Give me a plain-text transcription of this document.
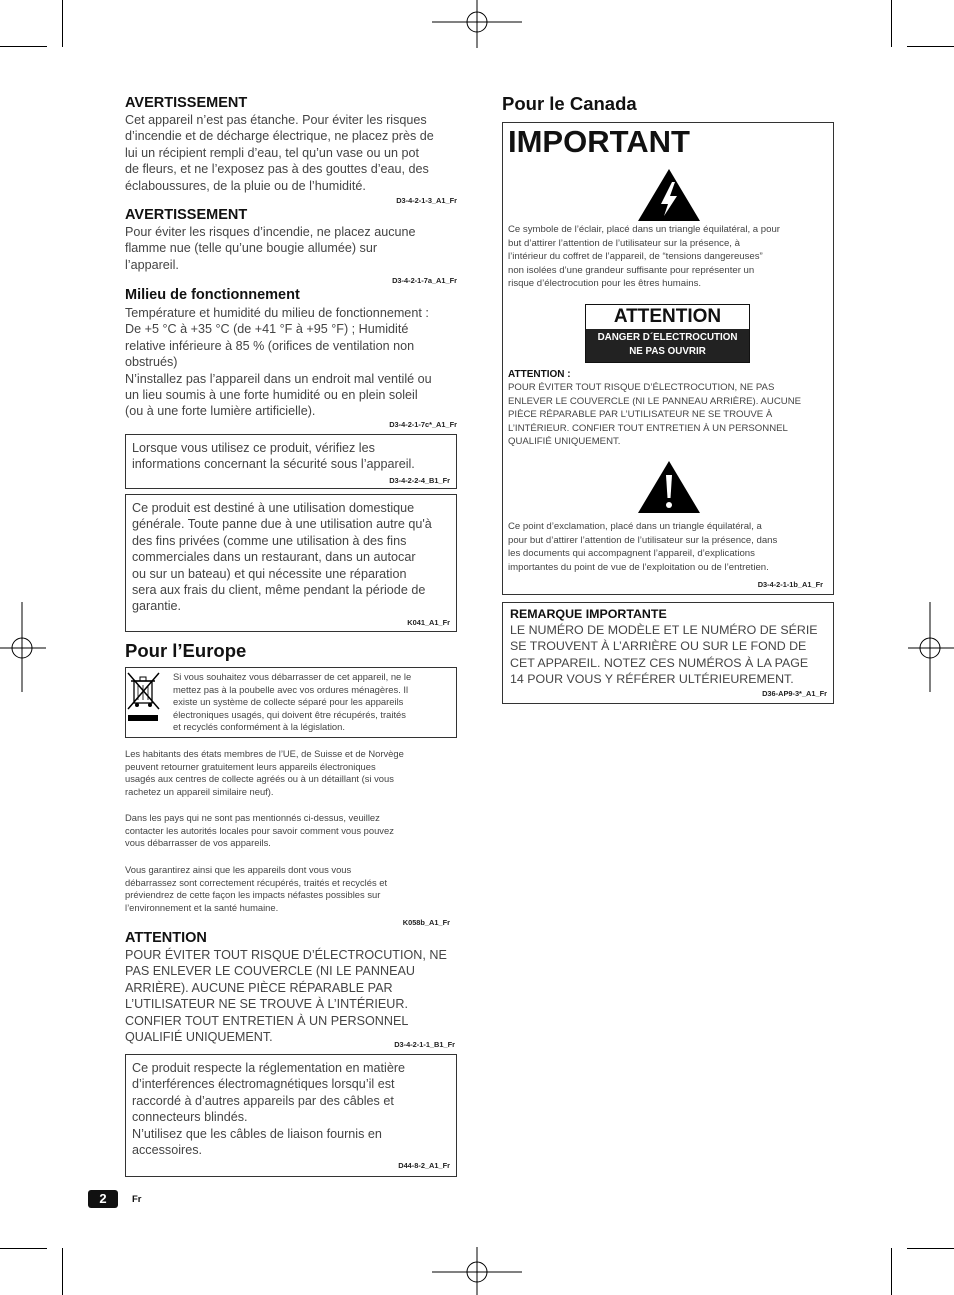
AVERTISSEMENT
Cet appareil n’est pas étanche. Pour éviter les risques
d’incendie et de décharge électrique, ne placez près de
lui un récipient rempli d’eau, tel qu’un vase ou un pot
de fleurs, et ne l’exposez pas à des gouttes d’eau, des
éclaboussures, de la pluie ou de l’humidité.
D3-4-2-1-3_A1_Fr
AVERTISSEMENT
Pour éviter les risques d’incendie, ne placez aucune
flamme nue (telle qu’une bougie allumée) sur
l’appareil.
D3-4-2-1-7a_A1_Fr
Milieu de fonctionnement
Température et humidité du milieu de fonctionnement :
De +5 °C à +35 °C (de +41 °F à +95 °F) ; Humidité
relative inférieure à 85 % (orifices de ventilation non
obstrués)
N’installez pas l’appareil dans un endroit mal ventilé ou
un lieu soumis à une forte humidité ou en plein soleil
(ou à une forte lumière artificielle).
D3-4-2-1-7c*_A1_Fr
Lorsque vous utilisez ce produit, vérifiez les
informations concernant la sécurité sous l’appareil.
D3-4-2-2-4_B1_Fr
Ce produit est destiné à une utilisation domestique
générale. Toute panne due à une utilisation autre qu'à
des fins privées (comme une utilisation à des fins
commerciales dans un restaurant, dans un autocar
ou sur un bateau) et qui nécessite une réparation
sera aux frais du client, même pendant la période de
garantie.
K041_A1_Fr
Pour l’Europe
Si vous souhaitez vous débarrasser de cet appareil, ne le
mettez pas à la poubelle avec vos ordures ménagères. Il
existe un système de collecte séparé pour les appareils
électroniques usagés, qui doivent être récupérés, traités
et recyclés conformément à la législation.
Les habitants des états membres de l’UE, de Suisse et de Norvège
peuvent retourner gratuitement leurs appareils électroniques
usagés aux centres de collecte agréés ou à un détaillant (si vous
rachetez un appareil similaire neuf).
Dans les pays qui ne sont pas mentionnés ci-dessus, veuillez
contacter les autorités locales pour savoir comment vous pouvez
vous débarrasser de vos appareils.
Vous garantirez ainsi que les appareils dont vous vous
débarrassez sont correctement récupérés, traités et recyclés et
préviendrez de cette façon les impacts néfastes possibles sur
l’environnement et la santé humaine.
K058b_A1_Fr
ATTENTION
POUR ÉVITER TOUT RISQUE D’ÉLECTROCUTION, NE
PAS ENLEVER LE COUVERCLE (NI LE PANNEAU
ARRIÈRE). AUCUNE PIÈCE RÉPARABLE PAR
L’UTILISATEUR NE SE TROUVE À L’INTÉRIEUR.
CONFIER TOUT ENTRETIEN À UN PERSONNEL
QUALIFIÉ UNIQUEMENT.
D3-4-2-1-1_B1_Fr
Ce produit respecte la réglementation en matière
d’interférences électromagnétiques lorsqu’il est
raccordé à d’autres appareils par des câbles et
connecteurs blindés.
N’utilisez que les câbles de liaison fournis en
accessoires.
D44-8-2_A1_Fr
2	Fr
Pour le Canada
IMPORTANT
Ce symbole de l’éclair, placé dans un triangle équilatéral, a pour
but d’attirer l’attention de l’utilisateur sur la présence, à
l’intérieur du coffret de l’appareil, de “tensions dangereuses”
non isolées d’une grandeur suffisante pour représenter un
risque d’électrocution pour les êtres humains.
ATTENTION
DANGER D´ELECTROCUTION
NE PAS OUVRIR
ATTENTION :
POUR ÉVITER TOUT RISQUE D’ÉLECTROCUTION, NE PAS
ENLEVER LE COUVERCLE (NI LE PANNEAU ARRIÈRE). AUCUNE
PIÈCE RÉPARABLE PAR L’UTILISATEUR NE SE TROUVE À
L’INTÉRIEUR. CONFIER TOUT ENTRETIEN À UN PERSONNEL
QUALIFIÉ UNIQUEMENT.
Ce point d’exclamation, placé dans un triangle équilatéral, a
pour but d’attirer l’attention de l’utilisateur sur la présence, dans
les documents qui accompagnent l’appareil, d’explications
importantes du point de vue de l’exploitation ou de l’entretien.
D3-4-2-1-1b_A1_Fr
REMARQUE IMPORTANTE
LE NUMÉRO DE MODÈLE ET LE NUMÉRO DE SÉRIE
SE TROUVENT À L’ARRIÈRE OU SUR LE FOND DE
CET APPAREIL. NOTEZ CES NUMÉROS À LA PAGE
14 POUR VOUS Y RÉFÉRER ULTÉRIEUREMENT.
D36-AP9-3*_A1_Fr
